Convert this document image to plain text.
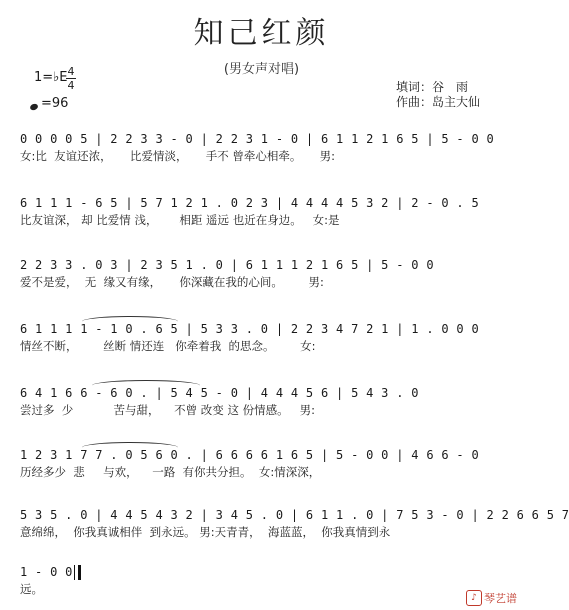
知己红颜
(男女声对唱)
1=♭E 4
4
=96
填词：谷　雨
作曲：岛主大仙
0 0 0 0 5 | 2 2 3 3 - 0 | 2 2 3 1 - 0 | 6 1 1 2 1 6 5 | 5 - 0 0
女:比  友谊还浓，     比爱情淡，     手不 曾牵心相牵。     男:
6 1 1 1 - 6 5 | 5 7 1 2 1 . 0 2 3 | 4 4 4 4 5 3 2 | 2 - 0 . 5
比友谊深， 却 比爱情 浅，      相距 遥远 也近在身边。   女:是
2 2 3 3 . 0 3 | 2 3 5 1 . 0 | 6 1 1 1 2 1 6 5 | 5 - 0 0
爱不是爱，  无  缘又有缘，     你深藏在我的心间。       男:
6 1 1 1 1 - 1 0 . 6 5 | 5 3 3 . 0 | 2 2 3 4 7 2 1 | 1 . 0 0 0
情丝不断，       丝断 情还连   你牵着我  的思念。       女:
6 4 1 6 6 - 6 0 . | 5 4 5 - 0 | 4 4 4 5 6 | 5 4 3 . 0
尝过多  少           苦与甜，    不曾 改变 这 份情感。   男:
1 2 3 1 7 7 . 0 5 6 0 . | 6 6 6 6 1 6 5 | 5 - 0 0 | 4 6 6 - 0
历经多少  悲     与欢，    一路  有你共分担。  女:情深深，
5 3 5 . 0 | 4 4 5 4 3 2 | 3 4 5 . 0 | 6 1 1 . 0 | 7 5 3 - 0 | 2 2 6 6 5 7
意绵绵，  你我真诚相伴  到永远。 男:天青青，  海蓝蓝，  你我真情到永
1 - 0 0
远。
♪ 琴艺谱
